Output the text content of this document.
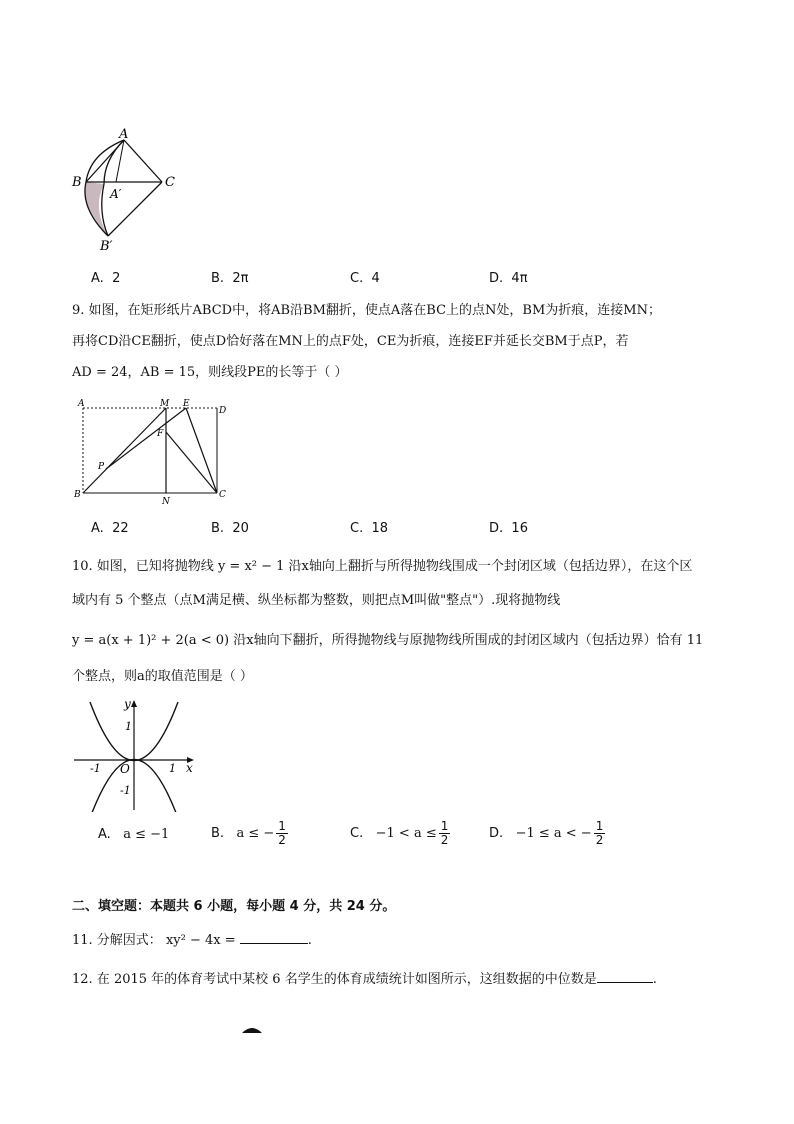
A
B	C
A′
B′
A. 2	B. 2π	C. 4	D. 4π
9. 如图，在矩形纸片ABCD中，将AB沿BM翻折，使点A落在BC上的点N处，BM为折痕，连接MN；
再将CD沿CE翻折，使点D恰好落在MN上的点F处，CE为折痕，连接EF并延长交BM于点P，若
AD = 24，AB = 15，则线段PE的长等于（ ）
A	M E
D
F
P
B
N
C
A. 22	B. 20	C. 18	D. 16
10. 如图，已知将抛物线 y = x² − 1 沿x轴向上翻折与所得抛物线围成一个封闭区域（包括边界），在这个区
域内有 5 个整点（点M满足横、纵坐标都为整数，则把点M叫做"整点"）.现将抛物线
y = a(x + 1)² + 2(a < 0) 沿x轴向下翻折，所得抛物线与原抛物线所围成的封闭区域内（包括边界）恰有 11
个整点，则a的取值范围是（ ）
y
x
1
-1 O	1
-1
A. a ≤ −1	B. a ≤ − $\frac{1}{2}$	C. $-1 < a \le \frac{1}{2}$	D. −1 ≤ a < − $\frac{1}{2}$
二、填空题：本题共 6 小题，每小题 4 分，共 24 分。
11. 分解因式： xy² − 4x =	.
12. 在 2015 年的体育考试中某校 6 名学生的体育成绩统计如图所示，这组数据的中位数是	.
